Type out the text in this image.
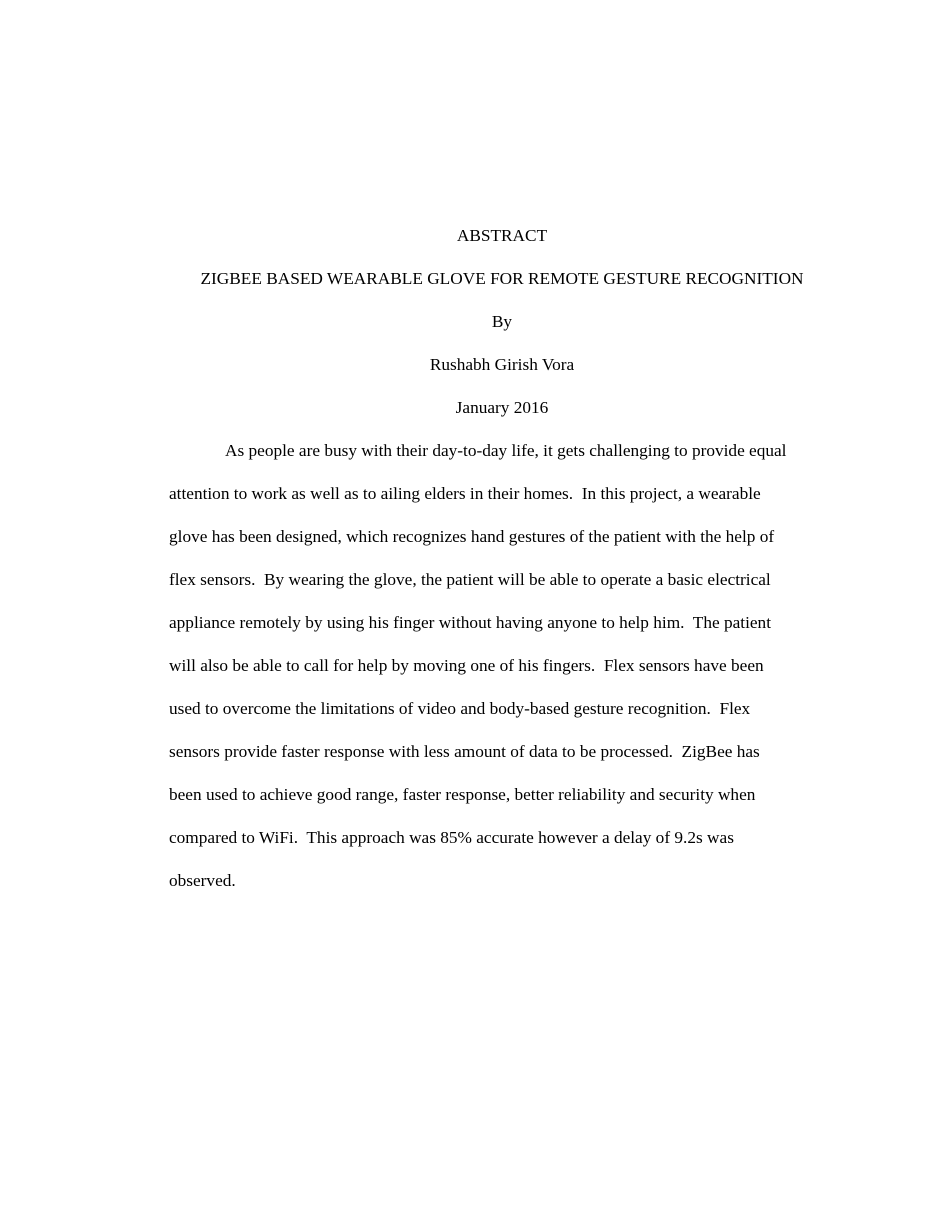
ABSTRACT
ZIGBEE BASED WEARABLE GLOVE FOR REMOTE GESTURE RECOGNITION
By
Rushabh Girish Vora
January 2016
As people are busy with their day-to-day life, it gets challenging to provide equal
attention to work as well as to ailing elders in their homes.  In this project, a wearable
glove has been designed, which recognizes hand gestures of the patient with the help of
flex sensors.  By wearing the glove, the patient will be able to operate a basic electrical
appliance remotely by using his finger without having anyone to help him.  The patient
will also be able to call for help by moving one of his fingers.  Flex sensors have been
used to overcome the limitations of video and body-based gesture recognition.  Flex
sensors provide faster response with less amount of data to be processed.  ZigBee has
been used to achieve good range, faster response, better reliability and security when
compared to WiFi.  This approach was 85% accurate however a delay of 9.2s was
observed.
